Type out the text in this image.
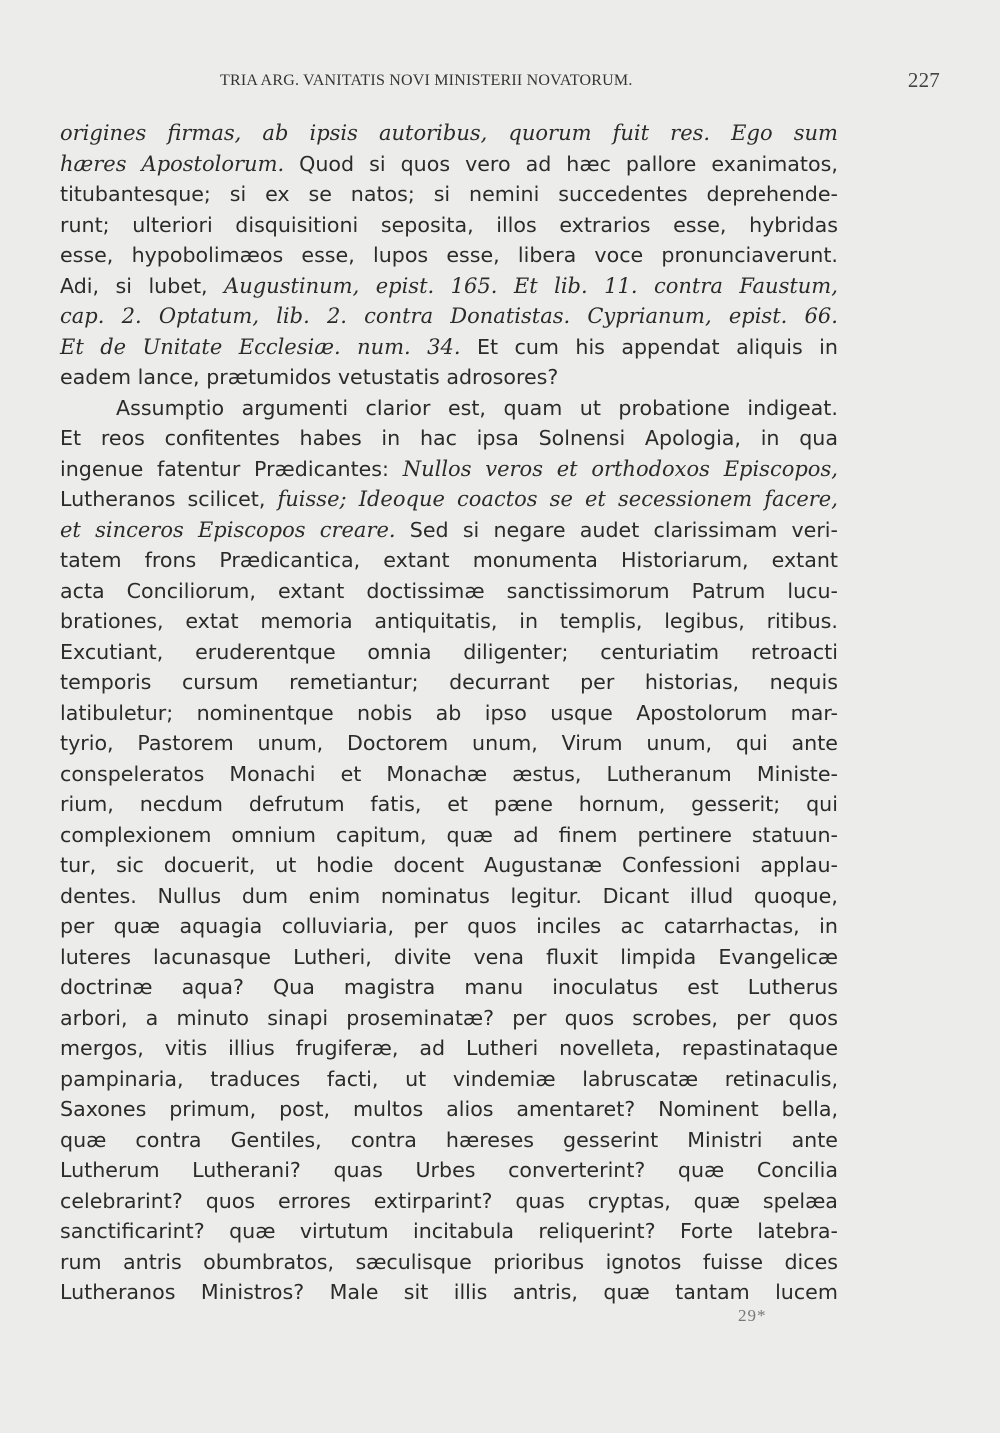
TRIA ARG. VANITATIS NOVI MINISTERII NOVATORUM.	227
origines firmas, ab ipsis autoribus, quorum fuit res. Ego sum
hæres Apostolorum. Quod si quos vero ad hæc pallore exanimatos,
titubantesque; si ex se natos; si nemini succedentes deprehende-
runt; ulteriori disquisitioni seposita, illos extrarios esse, hybridas
esse, hypobolimæos esse, lupos esse, libera voce pronunciaverunt.
Adi, si lubet, Augustinum, epist. 165. Et lib. 11. contra Faustum,
cap. 2. Optatum, lib. 2. contra Donatistas. Cyprianum, epist. 66.
Et de Unitate Ecclesiæ. num. 34. Et cum his appendat aliquis in
eadem lance, prætumidos vetustatis adrosores?
Assumptio argumenti clarior est, quam ut probatione indigeat.
Et reos confitentes habes in hac ipsa Solnensi Apologia, in qua
ingenue fatentur Prædicantes: Nullos veros et orthodoxos Episcopos,
Lutheranos scilicet, fuisse; Ideoque coactos se et secessionem facere,
et sinceros Episcopos creare. Sed si negare audet clarissimam veri-
tatem frons Prædicantica, extant monumenta Historiarum, extant
acta Conciliorum, extant doctissimæ sanctissimorum Patrum lucu-
brationes, extat memoria antiquitatis, in templis, legibus, ritibus.
Excutiant, eruderentque omnia diligenter; centuriatim retroacti
temporis cursum remetiantur; decurrant per historias, nequis
latibuletur; nominentque nobis ab ipso usque Apostolorum mar-
tyrio, Pastorem unum, Doctorem unum, Virum unum, qui ante
conspeleratos Monachi et Monachæ æstus, Lutheranum Ministe-
rium, necdum defrutum fatis, et pæne hornum, gesserit; qui
complexionem omnium capitum, quæ ad finem pertinere statuun-
tur, sic docuerit, ut hodie docent Augustanæ Confessioni applau-
dentes. Nullus dum enim nominatus legitur. Dicant illud quoque,
per quæ aquagia colluviaria, per quos inciles ac catarrhactas, in
luteres lacunasque Lutheri, divite vena fluxit limpida Evangelicæ
doctrinæ aqua? Qua magistra manu inoculatus est Lutherus
arbori, a minuto sinapi proseminatæ? per quos scrobes, per quos
mergos, vitis illius frugiferæ, ad Lutheri novelleta, repastinataque
pampinaria, traduces facti, ut vindemiæ labruscatæ retinaculis,
Saxones primum, post, multos alios amentaret? Nominent bella,
quæ contra Gentiles, contra hæreses gesserint Ministri ante
Lutherum Lutherani? quas Urbes converterint? quæ Concilia
celebrarint? quos errores extirparint? quas cryptas, quæ spelæa
sanctificarint? quæ virtutum incitabula reliquerint? Forte latebra-
rum antris obumbratos, sæculisque prioribus ignotos fuisse dices
Lutheranos Ministros? Male sit illis antris, quæ tantam lucem
29*
